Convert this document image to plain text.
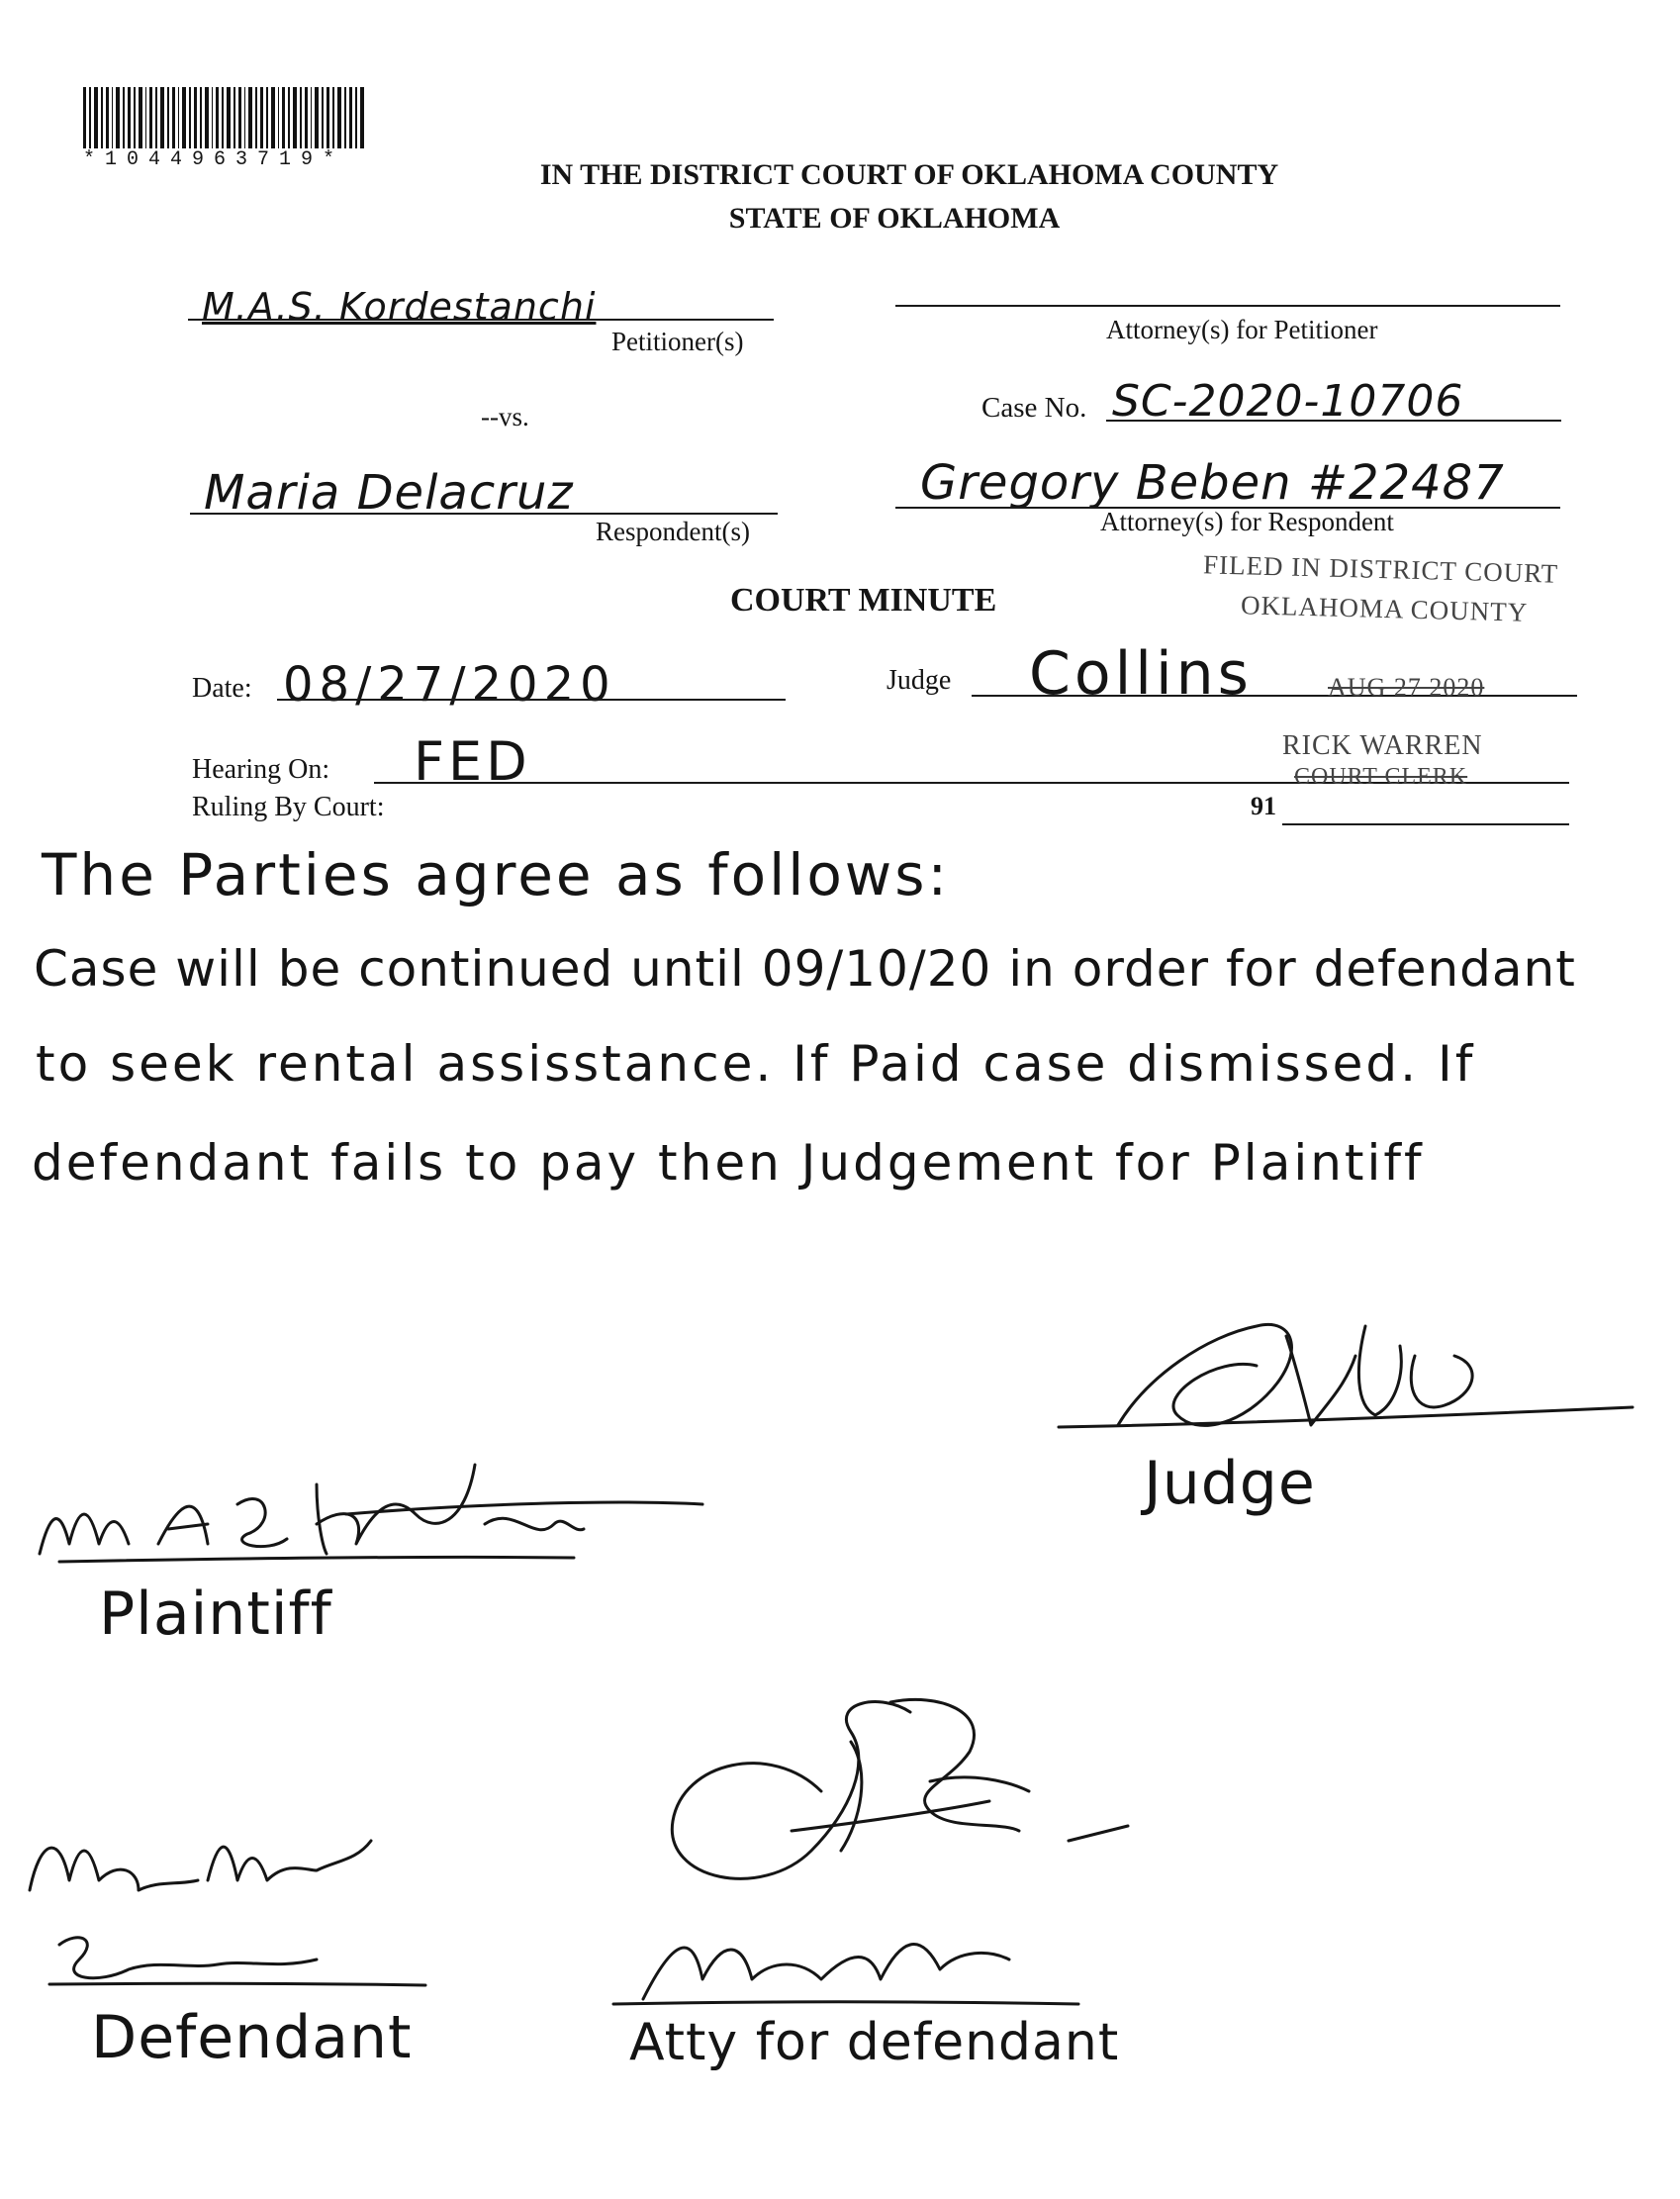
*1044963719*	IN THE DISTRICT COURT OF OKLAHOMA COUNTY
STATE OF OKLAHOMA
M.A.S. Kordestanchi
Petitioner(s)	Attorney(s) for Petitioner
--vs.	Case No. SC-2020-10706
Maria Delacruz
Respondent(s)
Gregory Beben #22487
Attorney(s) for Respondent
FILED IN DISTRICT COURT
OKLAHOMA COUNTY
COURT MINUTE
Date: 08/27/2020	Judge Collins	AUG 27 2020
Hearing On: FED	RICK WARREN
COURT CLERK
Ruling By Court:	91
The Parties agree as follows:
Case will be continued until 09/10/20 in order for defendant
to seek rental assisstance. If Paid case dismissed. If
defendant fails to pay then Judgement for Plaintiff
Judge
Plaintiff
Defendant	Atty for defendant
